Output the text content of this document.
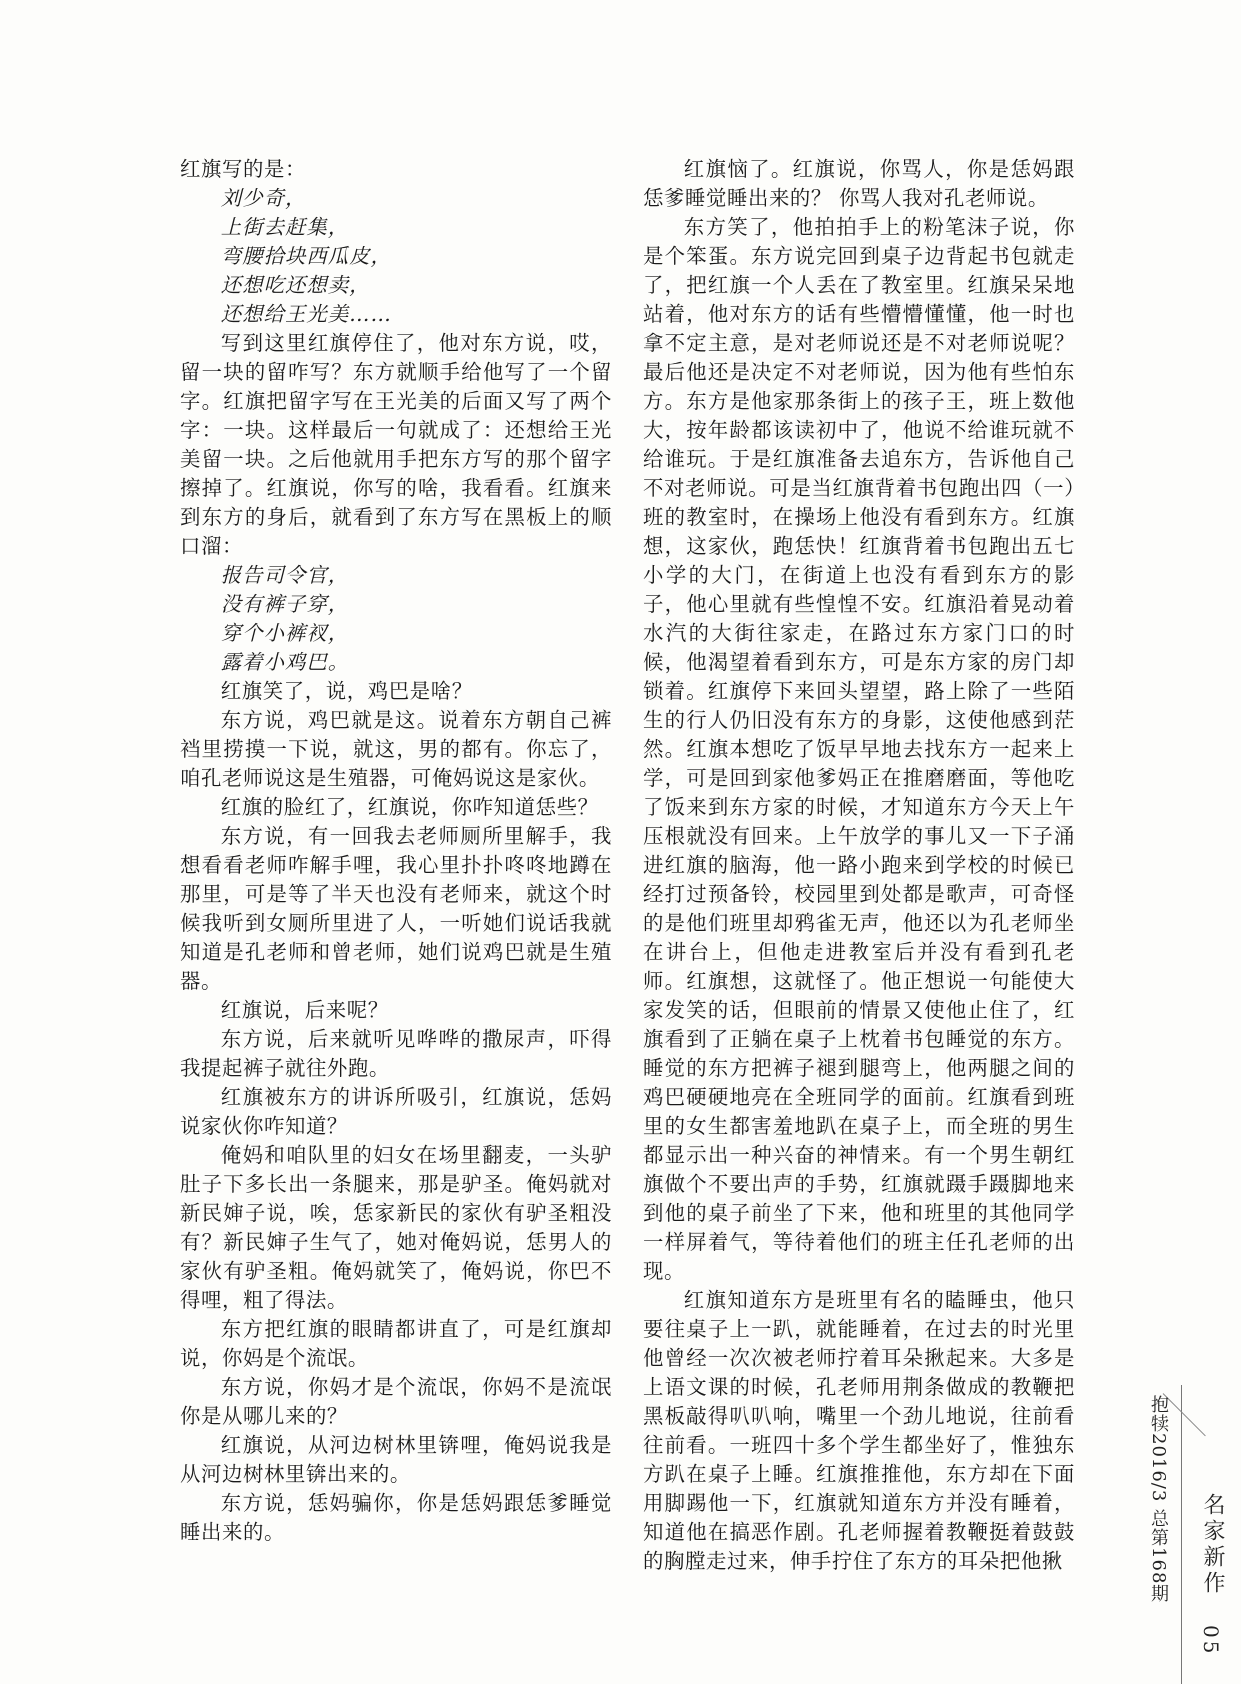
红旗写的是：

刘少奇，

上街去赶集，

弯腰拾块西瓜皮，

还想吃还想卖，

还想给王光美……

写到这里红旗停住了，他对东方说，哎，留一块的留咋写？东方就顺手给他写了一个留字。红旗把留字写在王光美的后面又写了两个字：一块。这样最后一句就成了：还想给王光美留一块。之后他就用手把东方写的那个留字擦掉了。红旗说，你写的啥，我看看。红旗来到东方的身后，就看到了东方写在黑板上的顺口溜：

报告司令官，

没有裤子穿，

穿个小裤衩，

露着小鸡巴。

红旗笑了，说，鸡巴是啥？

东方说，鸡巴就是这。说着东方朝自己裤裆里捞摸一下说，就这，男的都有。你忘了，咱孔老师说这是生殖器，可俺妈说这是家伙。

红旗的脸红了，红旗说，你咋知道恁些？

东方说，有一回我去老师厕所里解手，我想看看老师咋解手哩，我心里扑扑咚咚地蹲在那里，可是等了半天也没有老师来，就这个时候我听到女厕所里进了人，一听她们说话我就知道是孔老师和曾老师，她们说鸡巴就是生殖器。

红旗说，后来呢？

东方说，后来就听见哗哗的撒尿声，吓得我提起裤子就往外跑。

红旗被东方的讲诉所吸引，红旗说，恁妈说家伙你咋知道？

俺妈和咱队里的妇女在场里翻麦，一头驴肚子下多长出一条腿来，那是驴圣。俺妈就对新民婶子说，唉，恁家新民的家伙有驴圣粗没有？新民婶子生气了，她对俺妈说，恁男人的家伙有驴圣粗。俺妈就笑了，俺妈说，你巴不得哩，粗了得法。

东方把红旗的眼睛都讲直了，可是红旗却说，你妈是个流氓。

东方说，你妈才是个流氓，你妈不是流氓你是从哪儿来的？

红旗说，从河边树林里锛哩，俺妈说我是从河边树林里锛出来的。

东方说，恁妈骗你，你是恁妈跟恁爹睡觉睡出来的。

红旗恼了。红旗说，你骂人，你是恁妈跟恁爹睡觉睡出来的？ 你骂人我对孔老师说。

东方笑了，他拍拍手上的粉笔沫子说，你是个笨蛋。东方说完回到桌子边背起书包就走了，把红旗一个人丢在了教室里。红旗呆呆地站着，他对东方的话有些懵懵懂懂，他一时也拿不定主意，是对老师说还是不对老师说呢？最后他还是决定不对老师说，因为他有些怕东方。东方是他家那条街上的孩子王，班上数他大，按年龄都该读初中了，他说不给谁玩就不给谁玩。于是红旗准备去追东方，告诉他自己不对老师说。可是当红旗背着书包跑出四（一）班的教室时，在操场上他没有看到东方。红旗想，这家伙，跑恁快！红旗背着书包跑出五七小学的大门，在街道上也没有看到东方的影子，他心里就有些惶惶不安。红旗沿着晃动着水汽的大街往家走，在路过东方家门口的时候，他渴望着看到东方，可是东方家的房门却锁着。红旗停下来回头望望，路上除了一些陌生的行人仍旧没有东方的身影，这使他感到茫然。红旗本想吃了饭早早地去找东方一起来上学，可是回到家他爹妈正在推磨磨面，等他吃了饭来到东方家的时候，才知道东方今天上午压根就没有回来。上午放学的事儿又一下子涌进红旗的脑海，他一路小跑来到学校的时候已经打过预备铃，校园里到处都是歌声，可奇怪的是他们班里却鸦雀无声，他还以为孔老师坐在讲台上，但他走进教室后并没有看到孔老师。红旗想，这就怪了。他正想说一句能使大家发笑的话，但眼前的情景又使他止住了，红旗看到了正躺在桌子上枕着书包睡觉的东方。睡觉的东方把裤子褪到腿弯上，他两腿之间的鸡巴硬硬地亮在全班同学的面前。红旗看到班里的女生都害羞地趴在桌子上，而全班的男生都显示出一种兴奋的神情来。有一个男生朝红旗做个不要出声的手势，红旗就蹑手蹑脚地来到他的桌子前坐了下来，他和班里的其他同学一样屏着气，等待着他们的班主任孔老师的出现。

红旗知道东方是班里有名的瞌睡虫，他只要往桌子上一趴，就能睡着，在过去的时光里他曾经一次次被老师拧着耳朵揪起来。大多是上语文课的时候，孔老师用荆条做成的教鞭把黑板敲得叭叭响，嘴里一个劲儿地说，往前看往前看。一班四十多个学生都坐好了，惟独东方趴在桌子上睡。红旗推推他，东方却在下面用脚踢他一下，红旗就知道东方并没有睡着，知道他在搞恶作剧。孔老师握着教鞭挺着鼓鼓的胸膛走过来，伸手拧住了东方的耳朵把他揪	抱犊2016/3 总第168期 名家新作
05
